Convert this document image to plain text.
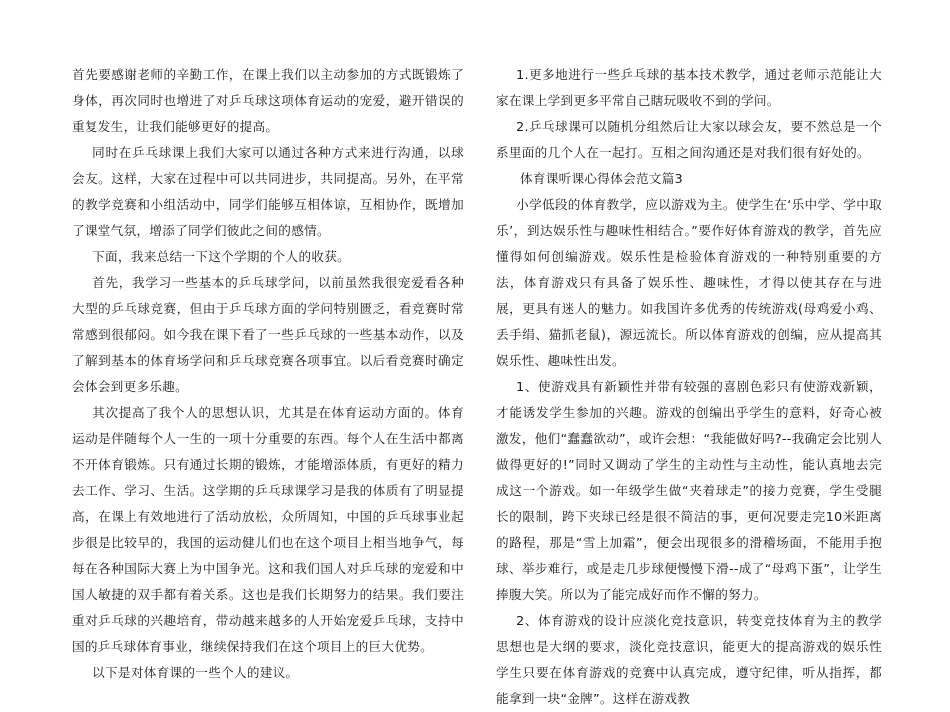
首先要感谢老师的辛勤工作，在课上我们以主动参加的方式既锻炼了身体，再次同时也增进了对乒乓球这项体育运动的宠爱，避开错误的重复发生，让我们能够更好的提高。

同时在乒乓球课上我们大家可以通过各种方式来进行沟通，以球会友。这样，大家在过程中可以共同进步，共同提高。另外，在平常的教学竞赛和小组活动中，同学们能够互相体谅，互相协作，既增加了课堂气氛，增添了同学们彼此之间的感情。

下面，我来总结一下这个学期的个人的收获。

首先，我学习一些基本的乒乓球学问，以前虽然我很宠爱看各种大型的乒乓球竞赛，但由于乒乓球方面的学问特别匮乏，看竞赛时常常感到很郁闷。如今我在课下看了一些乒乓球的一些基本动作，以及了解到基本的体育场学问和乒乓球竞赛各项事宜。以后看竞赛时确定会体会到更多乐趣。

其次提高了我个人的思想认识，尤其是在体育运动方面的。体育运动是伴随每个人一生的一项十分重要的东西。每个人在生活中都离不开体育锻炼。只有通过长期的锻炼，才能增添体质，有更好的精力去工作、学习、生活。这学期的乒乓球课学习是我的体质有了明显提高，在课上有效地进行了活动放松，众所周知，中国的乒乓球事业起步很是比较早的，我国的运动健儿们也在这个项目上相当地争气，每每在各种国际大赛上为中国争光。这和我们国人对乒乓球的宠爱和中国人敏捷的双手都有着关系。这也是我们长期努力的结果。我们要注重对乒乓球的兴趣培育，带动越来越多的人开始宠爱乒乓球，支持中国的乒乓球体育事业，继续保持我们在这个项目上的巨大优势。

以下是对体育课的一些个人的建议。

1.更多地进行一些乒乓球的基本技术教学，通过老师示范能让大家在课上学到更多平常自己瞎玩吸收不到的学问。

2.乒乓球课可以随机分组然后让大家以球会友，要不然总是一个系里面的几个人在一起打。互相之间沟通还是对我们很有好处的。

体育课听课心得体会范文篇3

小学低段的体育教学，应以游戏为主。使学生在‘乐中学、学中取乐’，到达娱乐性与趣味性相结合。”要作好体育游戏的教学，首先应懂得如何创编游戏。娱乐性是检验体育游戏的一种特别重要的方法，体育游戏只有具备了娱乐性、趣味性，才得以使其存在与进展，更具有迷人的魅力。如我国许多优秀的传统游戏(母鸡爱小鸡、丢手绢、猫抓老鼠)，源远流长。所以体育游戏的创编，应从提高其娱乐性、趣味性出发。

1、使游戏具有新颖性并带有较强的喜剧色彩只有使游戏新颖，才能诱发学生参加的兴趣。游戏的创编出乎学生的意料，好奇心被激发，他们“蠢蠢欲动”，或许会想：“我能做好吗?--我确定会比别人做得更好的!”同时又调动了学生的主动性与主动性，能认真地去完成这一个游戏。如一年级学生做“夹着球走”的接力竞赛，学生受腿长的限制，跨下夹球已经是很不简洁的事，更何况要走完10米距离的路程，那是“雪上加霜”，便会出现很多的滑稽场面，不能用手抱球、举步难行，或是走几步球便慢慢下滑--成了“母鸡下蛋”，让学生捧腹大笑。所以为了能完成好而作不懈的努力。

2、体育游戏的设计应淡化竞技意识，转变竞技体育为主的教学思想也是大纲的要求，淡化竞技意识，能更大的提高游戏的娱乐性学生只要在体育游戏的竞赛中认真完成，遵守纪律，听从指挥，都能拿到一块“金牌”。这样在游戏教
